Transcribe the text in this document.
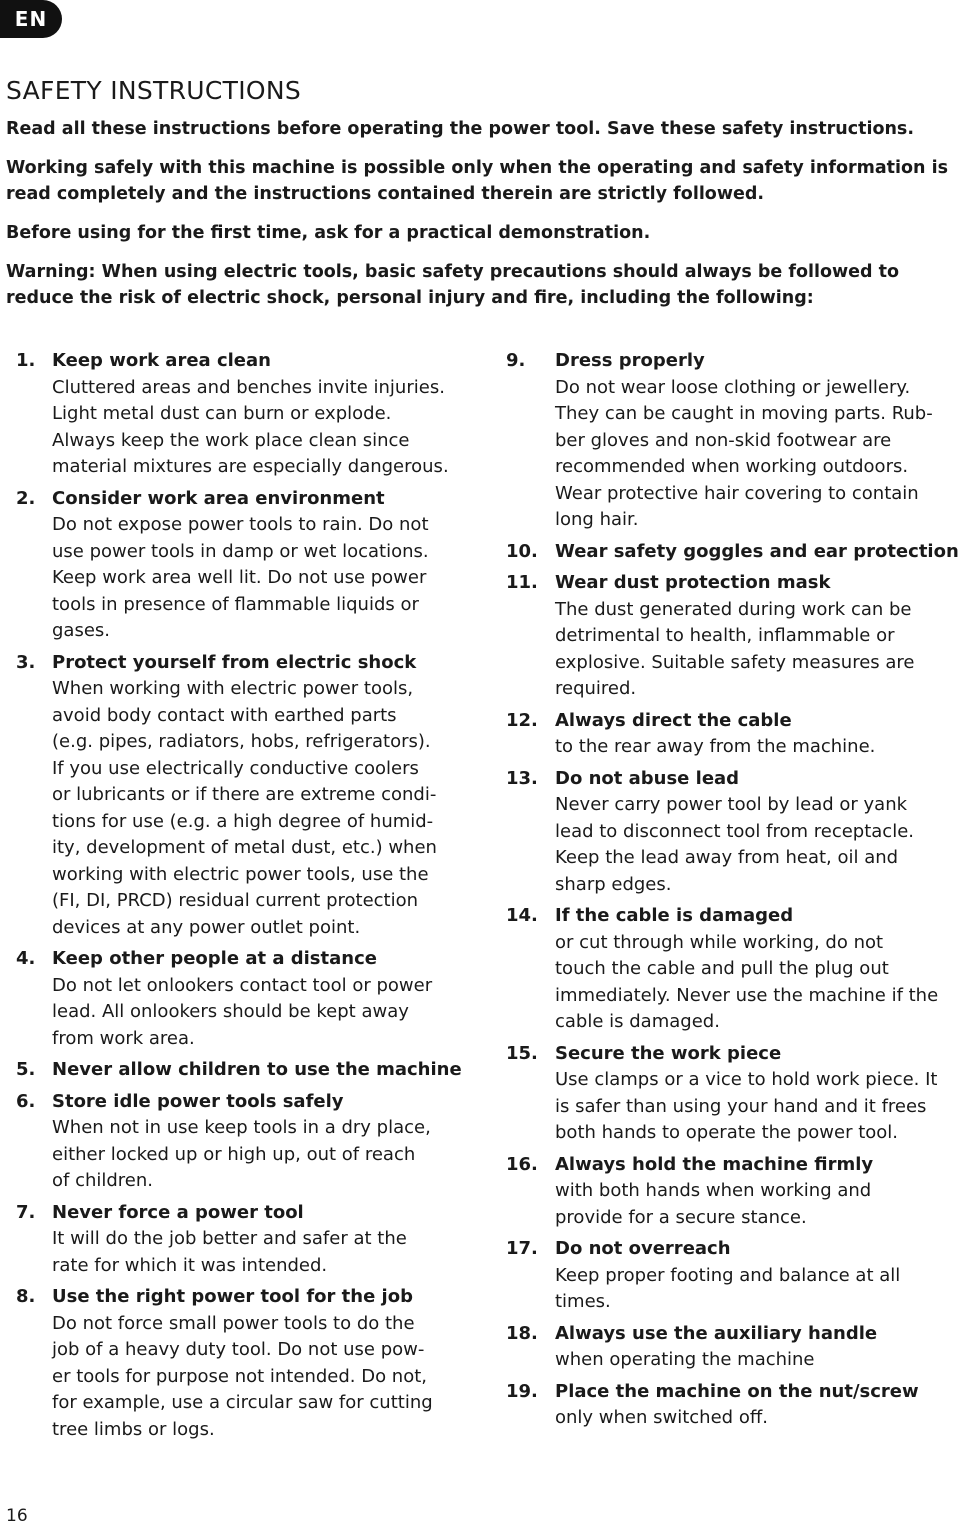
EN
SAFETY INSTRUCTIONS

Read all these instructions before operating the power tool. Save these safety instructions.

Working safely with this machine is possible only when the operating and safety information is read completely and the instructions contained therein are strictly followed.

Before using for the first time, ask for a practical demonstration.

Warning: When using electric tools, basic safety precautions should always be followed to reduce the risk of electric shock, personal injury and fire, including the following:

1. Keep work area clean
Cluttered areas and benches invite injuries.
Light metal dust can burn or explode.
Always keep the work place clean since
material mixtures are especially dangerous.
2. Consider work area environment
Do not expose power tools to rain. Do not
use power tools in damp or wet locations.
Keep work area well lit. Do not use power
tools in presence of flammable liquids or
gases.
3. Protect yourself from electric shock
When working with electric power tools,
avoid body contact with earthed parts
(e.g. pipes, radiators, hobs, refrigerators).
If you use electrically conductive coolers
or lubricants or if there are extreme condi-
tions for use (e.g. a high degree of humid-
ity, development of metal dust, etc.) when
working with electric power tools, use the
(FI, DI, PRCD) residual current protection
devices at any power outlet point.
4. Keep other people at a distance
Do not let onlookers contact tool or power
lead. All onlookers should be kept away
from work area.
5. Never allow children to use the machine
6. Store idle power tools safely
When not in use keep tools in a dry place,
either locked up or high up, out of reach
of children.
7. Never force a power tool
It will do the job better and safer at the
rate for which it was intended.
8. Use the right power tool for the job
Do not force small power tools to do the
job of a heavy duty tool. Do not use pow-
er tools for purpose not intended. Do not,
for example, use a circular saw for cutting
tree limbs or logs.
9. Dress properly
Do not wear loose clothing or jewellery.
They can be caught in moving parts. Rub-
ber gloves and non-skid footwear are
recommended when working outdoors.
Wear protective hair covering to contain
long hair.
10. Wear safety goggles and ear protection
11. Wear dust protection mask
The dust generated during work can be
detrimental to health, inflammable or
explosive. Suitable safety measures are
required.
12. Always direct the cable
to the rear away from the machine.
13. Do not abuse lead
Never carry power tool by lead or yank
lead to disconnect tool from receptacle.
Keep the lead away from heat, oil and
sharp edges.
14. If the cable is damaged
or cut through while working, do not
touch the cable and pull the plug out
immediately. Never use the machine if the
cable is damaged.
15. Secure the work piece
Use clamps or a vice to hold work piece. It
is safer than using your hand and it frees
both hands to operate the power tool.
16. Always hold the machine firmly
with both hands when working and
provide for a secure stance.
17. Do not overreach
Keep proper footing and balance at all
times.
18. Always use the auxiliary handle
when operating the machine
19. Place the machine on the nut/screw
only when switched off.
16
